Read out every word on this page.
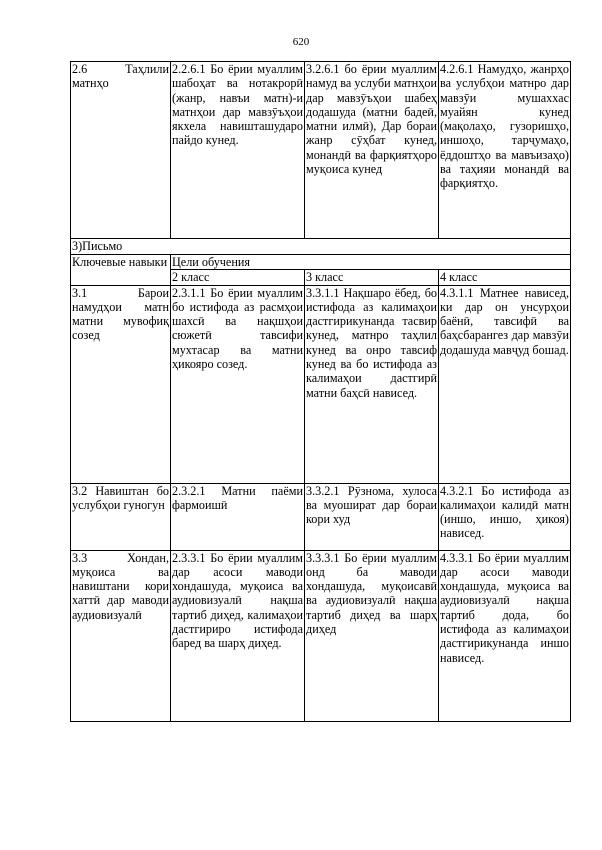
620
2.6 Таҳлили матнҳо	2.2.6.1 Бо ёрии муаллим шабоҳат ва нотакрорӣ (жанр, навъи матн)-и матнҳои дар мавзӯъҳои якхела навишташударо пайдо кунед.	3.2.6.1 бо ёрии муаллим намуд ва услуби матнҳои дар мавзӯъҳои шабеҳ додашуда (матни бадеӣ, матни илмӣ), Дар бораи жанр сӯҳбат кунед, монандӣ ва фарқиятҳоро муқоиса кунед	4.2.6.1 Намудҳо, жанрҳо ва услубҳои матнро дар мавзӯи мушаххас муайян кунед (мақолаҳо, гузоришҳо, иншоҳо, тарҷумаҳо, ёддоштҳо ва мавъизаҳо) ва таҳияи монандӣ ва фарқиятҳо.
3)Письмо			
Ключевые навыки	Цели обучения		
	2 класс	3 класс	4 класс
3.1 Барои намудҳои матн матни мувофиқ созед	2.3.1.1 Бо ёрии муаллим бо истифода аз расмҳои шахсӣ ва нақшҳои сюжетӣ тавсифи мухтасар ва матни ҳикояро созед.	3.3.1.1 Нақшаро ёбед, бо истифода аз калимаҳои дастгирикунанда тасвир кунед, матнро таҳлил кунед ва онро тавсиф кунед ва бо истифода аз калимаҳои дастгирӣ матни баҳсӣ нависед.	4.3.1.1 Матнее нависед, ки дар он унсурҳои баёнӣ, тавсифӣ ва баҳсбарангез дар мавзӯи додашуда мавҷуд бошад.
3.2 Навиштан бо услубҳои гуногун	2.3.2.1 Матни паёми фармоишӣ	3.3.2.1 Рӯзнома, хулоса ва муошират дар бораи кори худ	4.3.2.1 Бо истифода аз калимаҳои калидӣ матн (иншо, иншо, ҳикоя) нависед.
3.3 Хондан, муқоиса ва навиштани кори хаттӣ дар маводи аудиовизуалӣ	2.3.3.1 Бо ёрии муаллим дар асоси маводи хондашуда, муқоиса ва аудиовизуалӣ нақша тартиб диҳед, калимаҳои дастгириро истифода баред ва шарҳ диҳед.	3.3.3.1 Бо ёрии муаллим онд ба маводи хондашуда, муқоисавӣ ва аудиовизуалӣ нақша тартиб диҳед ва шарҳ диҳед	4.3.3.1 Бо ёрии муаллим дар асоси маводи хондашуда, муқоиса ва аудиовизуалӣ нақша тартиб дода, бо истифода аз калимаҳои дастгирикунанда иншо нависед.
